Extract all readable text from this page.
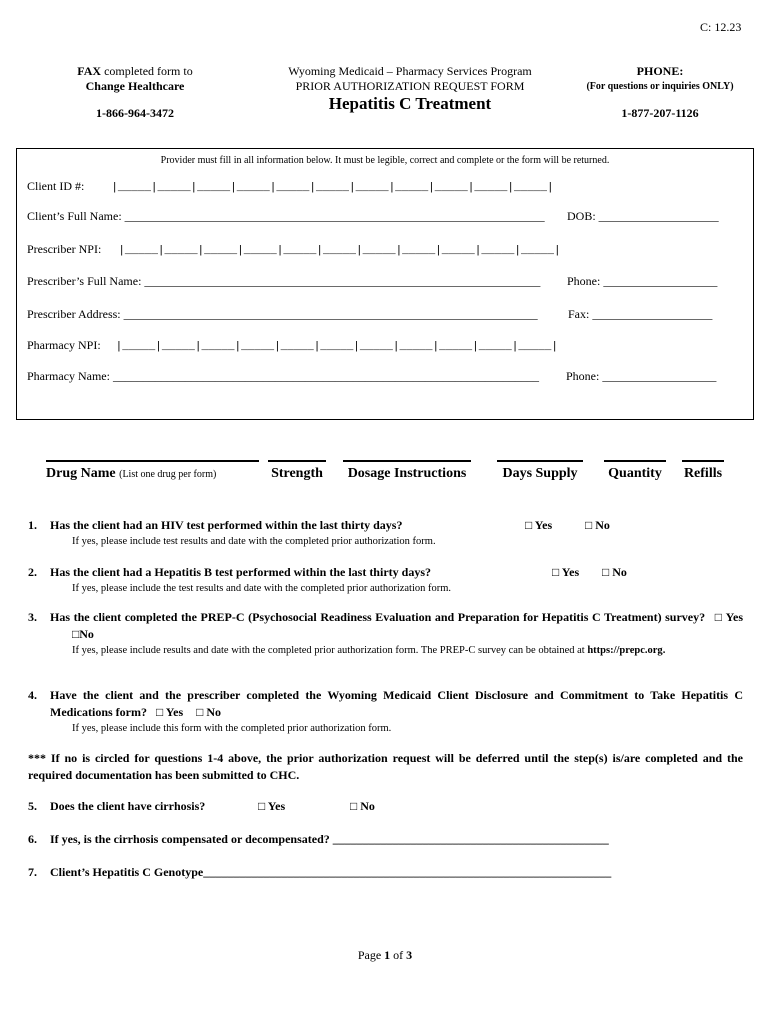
C: 12.23
FAX completed form to
Change Healthcare
1-866-964-3472
Wyoming Medicaid – Pharmacy Services Program
PRIOR AUTHORIZATION REQUEST FORM
Hepatitis C Treatment
PHONE:
(For questions or inquiries ONLY)
1-877-207-1126
Provider must fill in all information below. It must be legible, correct and complete or the form will be returned.
Client ID #: |_____|_____|_____|_____|_____|_____|_____|_____|_____|_____|_____|
Client’s Full Name: ______________________________________________________________________ DOB: ____________________
Prescriber NPI: |_____|_____|_____|_____|_____|_____|_____|_____|_____|_____|_____|
Prescriber’s Full Name: __________________________________________________________________ Phone: ___________________
Prescriber Address: _____________________________________________________________________	Fax: ____________________
Pharmacy NPI: |_____|_____|_____|_____|_____|_____|_____|_____|_____|_____|_____|
Pharmacy Name: _______________________________________________________________________ Phone: ___________________
Drug Name (List one drug per form)	Strength	Dosage Instructions	Days Supply	Quantity Refills
1. Has the client had an HIV test performed within the last thirty days?	□ Yes	□ No
If yes, please include test results and date with the completed prior authorization form.
2. Has the client had a Hepatitis B test performed within the last thirty days?	□ Yes □ No
If yes, please include the test results and date with the completed prior authorization form.
3. Has the client completed the PREP-C (Psychosocial Readiness Evaluation and Preparation for Hepatitis C Treatment) survey? □ Yes □No
If yes, please include results and date with the completed prior authorization form. The PREP-C survey can be obtained at https://prepc.org.
4. Have the client and the prescriber completed the Wyoming Medicaid Client Disclosure and Commitment to Take Hepatitis C Medications form? □ Yes □ No
If yes, please include this form with the completed prior authorization form.
*** If no is circled for questions 1-4 above, the prior authorization request will be deferred until the step(s) is/are completed and the required documentation has been submitted to CHC.
5. Does the client have cirrhosis?	□ Yes	□ No
6. If yes, is the cirrhosis compensated or decompensated? ______________________________________________
7. Client’s Hepatitis C Genotype____________________________________________________________________
Page 1 of 3
